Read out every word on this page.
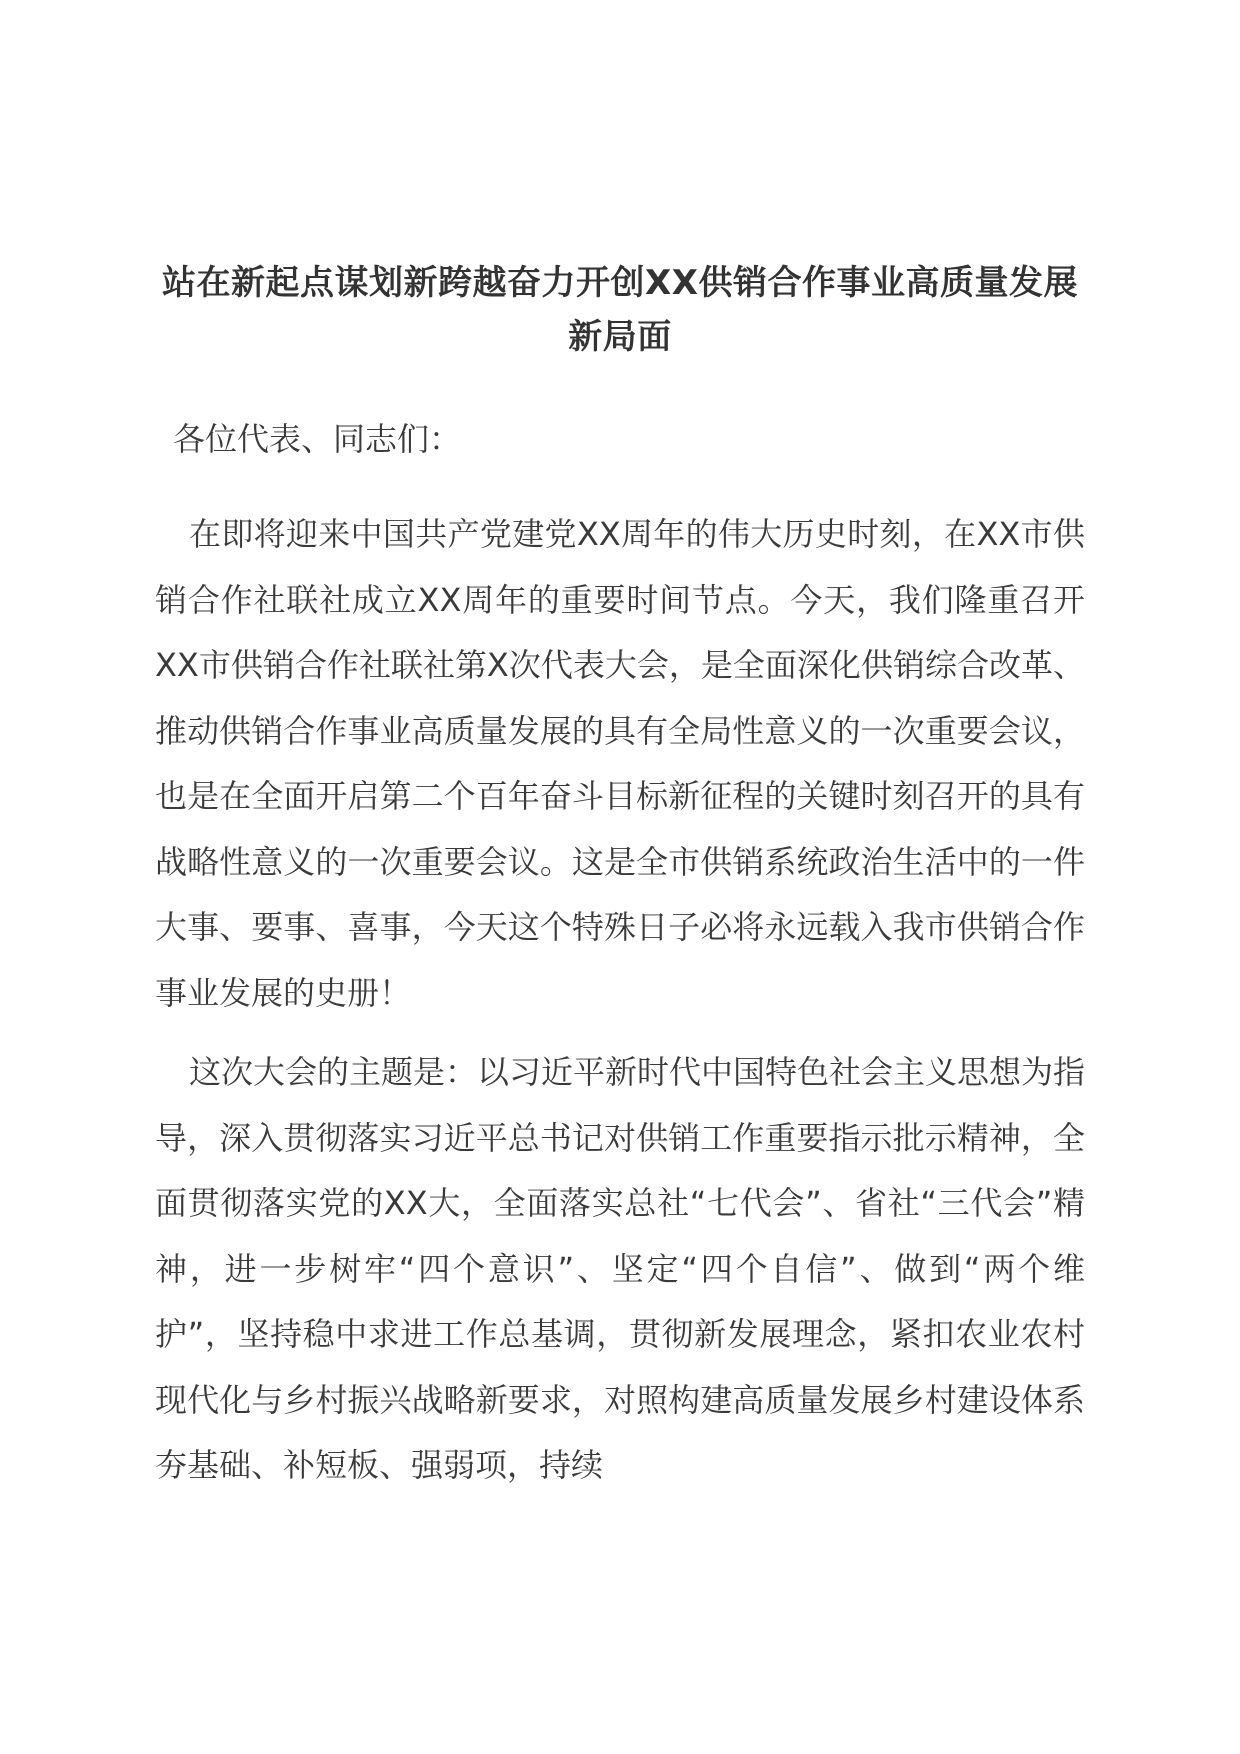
站在新起点谋划新跨越奋力开创XX供销合作事业高质量发展新局面

各位代表、同志们：

在即将迎来中国共产党建党XX周年的伟大历史时刻，在XX市供销合作社联社成立XX周年的重要时间节点。今天，我们隆重召开XX市供销合作社联社第X次代表大会，是全面深化供销综合改革、推动供销合作事业高质量发展的具有全局性意义的一次重要会议，也是在全面开启第二个百年奋斗目标新征程的关键时刻召开的具有战略性意义的一次重要会议。这是全市供销系统政治生活中的一件大事、要事、喜事，今天这个特殊日子必将永远载入我市供销合作事业发展的史册！

这次大会的主题是：以习近平新时代中国特色社会主义思想为指导，深入贯彻落实习近平总书记对供销工作重要指示批示精神，全面贯彻落实党的XX大，全面落实总社“七代会”、省社“三代会”精神，进一步树牢“四个意识”、坚定“四个自信”、做到“两个维护”，坚持稳中求进工作总基调，贯彻新发展理念，紧扣农业农村现代化与乡村振兴战略新要求，对照构建高质量发展乡村建设体系夯基础、补短板、强弱项，持续
